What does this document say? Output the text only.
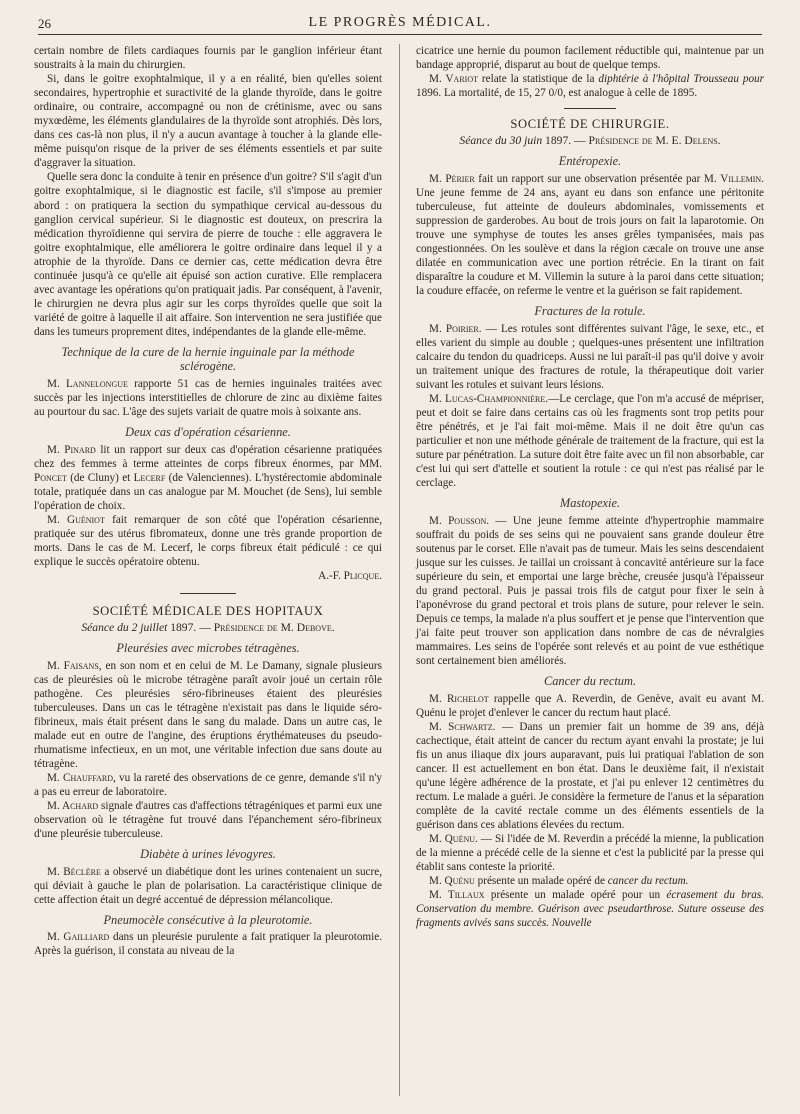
26	LE PROGRÈS MÉDICAL.

certain nombre de filets cardiaques fournis par le ganglion inférieur étant soustraits à la main du chirurgien.

Si, dans le goitre exophtalmique, il y a en réalité, bien qu'elles soient secondaires, hypertrophie et suractivité de la glande thyroïde, dans le goitre ordinaire, ou contraire, accompagné ou non de crétinisme, avec ou sans myxœdème, les éléments glandulaires de la thyroïde sont atrophiés. Dès lors, dans ces cas-là non plus, il n'y a aucun avantage à toucher à la glande elle-même puisqu'on risque de la priver de ses éléments essentiels et par suite d'aggraver la situation.

Quelle sera donc la conduite à tenir en présence d'un goitre? S'il s'agit d'un goitre exophtalmique, si le diagnostic est facile, s'il s'impose au premier abord : on pratiquera la section du sympathique cervical au-dessous du ganglion cervical supérieur. Si le diagnostic est douteux, on prescrira la médication thyroïdienne qui servira de pierre de touche : elle aggravera le goitre exophtalmique, elle améliorera le goitre ordinaire dans lequel il y a atrophie de la thyroïde. Dans ce dernier cas, cette médication devra être continuée jusqu'à ce qu'elle ait épuisé son action curative. Elle remplacera avec avantage les opérations qu'on pratiquait jadis. Par conséquent, à l'avenir, le chirurgien ne devra plus agir sur les corps thyroïdes quelle que soit la variété de goitre à laquelle il ait affaire. Son intervention ne sera justifiée que dans les tumeurs proprement dites, indépendantes de la glande elle-même.

Technique de la cure de la hernie inguinale par la méthode sclérogène.

M. Lannelongue rapporte 51 cas de hernies inguinales traitées avec succès par les injections interstitielles de chlorure de zinc au dixième faites au pourtour du sac. L'âge des sujets variait de quatre mois à soixante ans.

Deux cas d'opération césarienne.

M. Pinard lit un rapport sur deux cas d'opération césarienne pratiquées chez des femmes à terme atteintes de corps fibreux énormes, par MM. Poncet (de Cluny) et Lecerf (de Valenciennes). L'hystérectomie abdominale totale, pratiquée dans un cas analogue par M. Mouchet (de Sens), lui semble l'opération de choix.

M. Guéniot fait remarquer de son côté que l'opération césarienne, pratiquée sur des utérus fibromateux, donne une très grande proportion de morts. Dans le cas de M. Lecerf, le corps fibreux était pédiculé : ce qui explique le succès opératoire obtenu.

A.-F. Plicque.
SOCIÉTÉ MÉDICALE DES HOPITAUX
Séance du 2 juillet 1897. — Présidence de M. Debove.
Pleurésies avec microbes tétragènes.

M. Faisans, en son nom et en celui de M. Le Damany, signale plusieurs cas de pleurésies où le microbe tétragène paraît avoir joué un certain rôle pathogène. Ces pleurésies séro-fibrineuses étaient des pleurésies tuberculeuses. Dans un cas le tétragène n'existait pas dans le liquide séro-fibrineux, mais était présent dans le sang du malade. Dans un autre cas, le malade eut en outre de l'angine, des éruptions érythémateuses du pseudo-rhumatisme infectieux, en un mot, une véritable infection due sans doute au tétragène.

M. Chauffard, vu la rareté des observations de ce genre, demande s'il n'y a pas eu erreur de laboratoire.

M. Achard signale d'autres cas d'affections tétragéniques et parmi eux une observation où le tétragène fut trouvé dans l'épanchement séro-fibrineux d'une pleurésie tuberculeuse.

Diabète à urines lévogyres.

M. Béclère a observé un diabétique dont les urines contenaient un sucre, qui déviait à gauche le plan de polarisation. La caractéristique clinique de cette affection était un degré accentué de dépression mélancolique.

Pneumocèle consécutive à la pleurotomie.

M. Gailliard dans un pleurésie purulente a fait pratiquer la pleurotomie. Après la guérison, il constata au niveau de la

cicatrice une hernie du poumon facilement réductible qui, maintenue par un bandage approprié, disparut au bout de quelque temps.

M. Variot relate la statistique de la diphtérie à l'hôpital Trousseau pour 1896. La mortalité, de 15, 27 0/0, est analogue à celle de 1895.

SOCIÉTÉ DE CHIRURGIE.
Séance du 30 juin 1897. — Présidence de M. E. Delens.
Entéropexie.

M. Périer fait un rapport sur une observation présentée par M. Villemin. Une jeune femme de 24 ans, ayant eu dans son enfance une péritonite tuberculeuse, fut atteinte de douleurs abdominales, vomissements et suppression de garderobes. Au bout de trois jours on fait la laparotomie. On trouve une symphyse de toutes les anses grêles tympanisées, mais pas congestionnées. On les soulève et dans la région cæcale on trouve une anse dilatée en communication avec une portion rétrécie. En la tirant on fait disparaître la coudure et M. Villemin la suture à la paroi dans cette situation; la coudure effacée, on referme le ventre et la guérison se fait rapidement.

Fractures de la rotule.

M. Poirier. — Les rotules sont différentes suivant l'âge, le sexe, etc., et elles varient du simple au double ; quelques-unes présentent une infiltration calcaire du tendon du quadriceps. Aussi ne lui paraît-il pas qu'il doive y avoir un traitement unique des fractures de rotule, la thérapeutique doit varier suivant les rotules et suivant leurs lésions.

M. Lucas-Championnière.—Le cerclage, que l'on m'a accusé de mépriser, peut et doit se faire dans certains cas où les fragments sont trop petits pour être pénétrés, et je l'ai fait moi-même. Mais il ne doit être qu'un cas particulier et non une méthode générale de traitement de la fracture, qui est la suture par pénétration. La suture doit être faite avec un fil non absorbable, car c'est lui qui sert d'attelle et soutient la rotule : ce qui n'est pas réalisé par le cerclage.

Mastopexie.

M. Pousson. — Une jeune femme atteinte d'hypertrophie mammaire souffrait du poids de ses seins qui ne pouvaient sans grande douleur être soutenus par le corset. Elle n'avait pas de tumeur. Mais les seins descendaient jusque sur les cuisses. Je taillai un croissant à concavité antérieure sur la face supérieure du sein, et emportai une large brèche, creusée jusqu'à l'épaisseur du grand pectoral. Puis je passai trois fils de catgut pour fixer le sein à l'aponévrose du grand pectoral et trois plans de suture, pour relever le sein. Depuis ce temps, la malade n'a plus souffert et je pense que l'intervention que j'ai faite peut trouver son application dans nombre de cas de névralgies mammaires. Les seins de l'opérée sont relevés et au point de vue esthétique sont certainement bien améliorés.

Cancer du rectum.

M. Richelot rappelle que A. Reverdin, de Genève, avait eu avant M. Quénu le projet d'enlever le cancer du rectum haut placé.

M. Schwartz. — Dans un premier fait un homme de 39 ans, déjà cachectique, était atteint de cancer du rectum ayant envahi la prostate; je lui fis un anus iliaque dix jours auparavant, puis lui pratiquai l'ablation de son cancer. Il est actuellement en bon état. Dans le deuxième fait, il n'existait qu'une légère adhérence de la prostate, et j'ai pu enlever 12 centimètres du rectum. Le malade a guéri. Je considère la fermeture de l'anus et la séparation complète de la cavité rectale comme un des éléments essentiels de la guérison dans ces ablations élevées du rectum.

M. Quénu. — Si l'idée de M. Reverdin a précédé la mienne, la publication de la mienne a précédé celle de la sienne et c'est la publicité par la presse qui établit sans conteste la priorité.

M. Quénu présente un malade opéré de cancer du rectum.

M. Tillaux présente un malade opéré pour un écrasement du bras. Conservation du membre. Guérison avec pseudarthrose. Suture osseuse des fragments avivés sans succès. Nouvelle
